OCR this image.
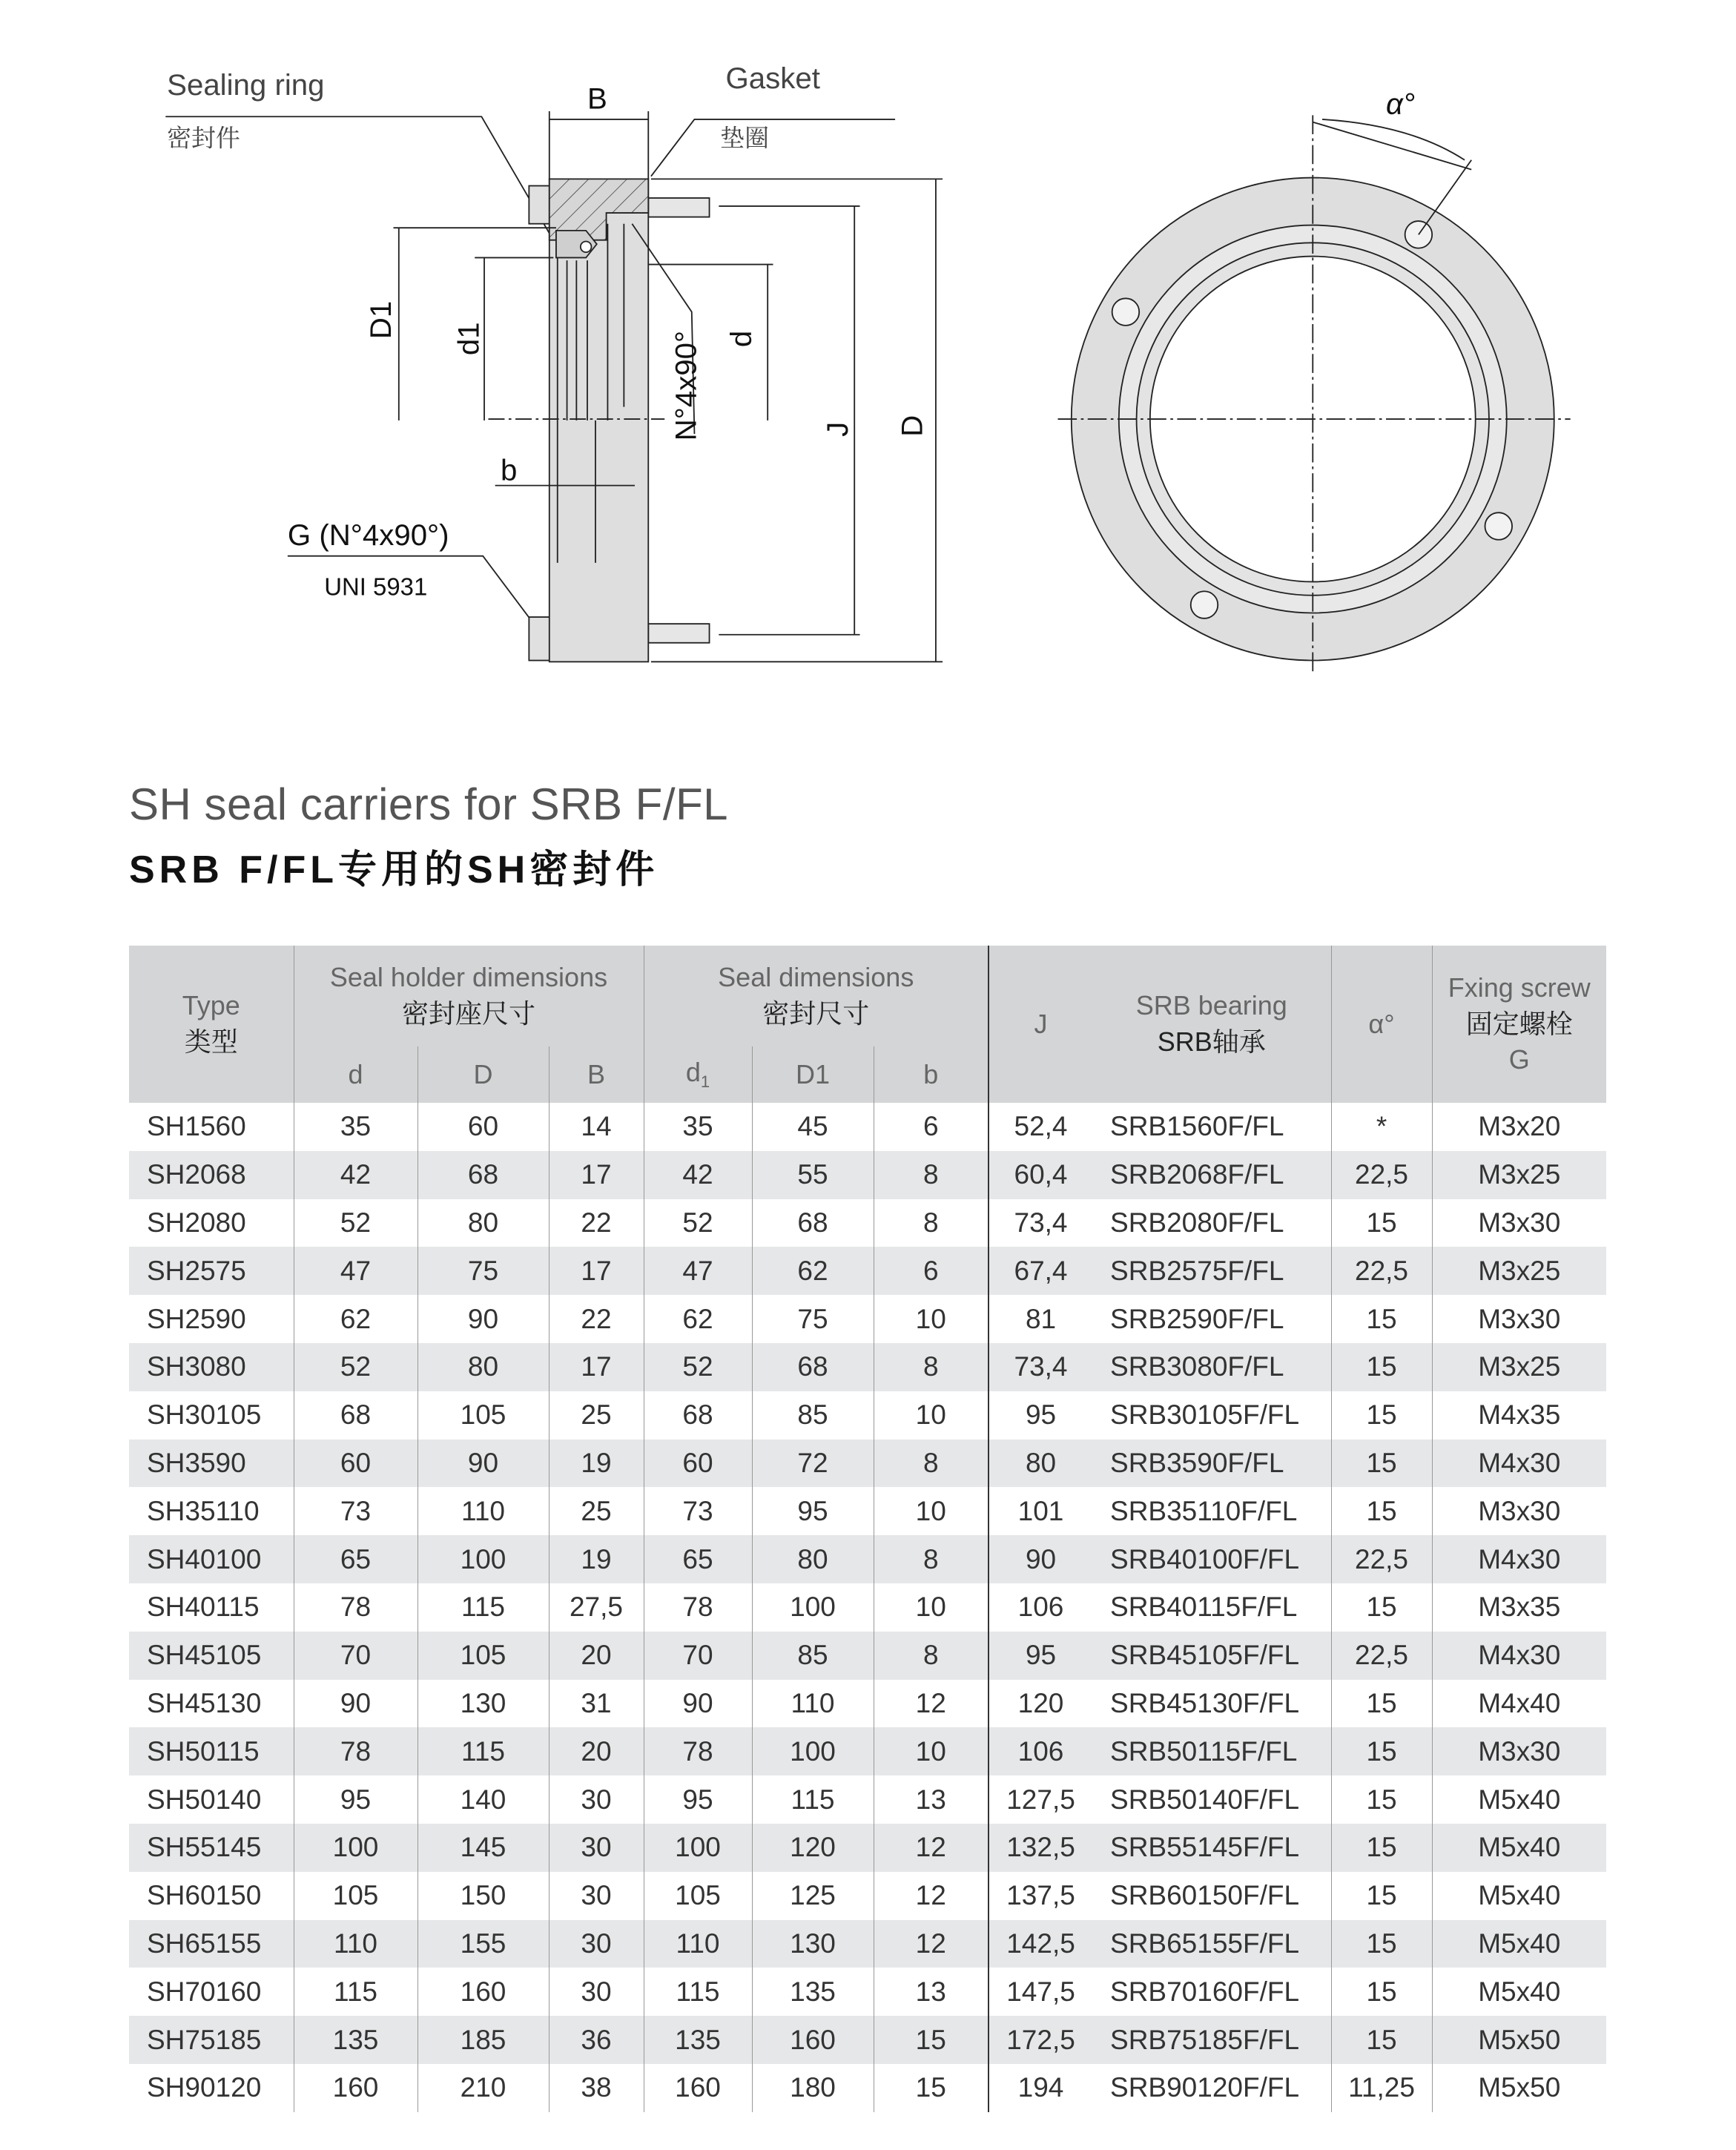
Sealing ring
密封件
Gasket
垫圈
B
D1	d1	N°4x90° d
J	D
b
G (N°4x90°)
UNI 5931
α°
SH seal carriers for SRB F/FL
SRB F/FL专用的SH密封件
Type
类型	Seal holder dimensions
密封座尺寸			Seal dimensions
密封尺寸			J	SRB bearing
SRB轴承	α°	Fxing screw
固定螺栓
G

	d	D	B	$d_1$	D1	b				
SH1560	35	60	14	35	45	6	52,4	SRB1560F/FL	*	M3x20
SH2068	42	68	17	42	55	8	60,4	SRB2068F/FL	22,5	M3x25
SH2080	52	80	22	52	68	8	73,4	SRB2080F/FL	15	M3x30
SH2575	47	75	17	47	62	6	67,4	SRB2575F/FL	22,5	M3x25
SH2590	62	90	22	62	75	10	81	SRB2590F/FL	15	M3x30
SH3080	52	80	17	52	68	8	73,4	SRB3080F/FL	15	M3x25
SH30105	68	105	25	68	85	10	95	SRB30105F/FL	15	M4x35
SH3590	60	90	19	60	72	8	80	SRB3590F/FL	15	M4x30
SH35110	73	110	25	73	95	10	101	SRB35110F/FL	15	M3x30
SH40100	65	100	19	65	80	8	90	SRB40100F/FL	22,5	M4x30
SH40115	78	115	27,5	78	100	10	106	SRB40115F/FL	15	M3x35
SH45105	70	105	20	70	85	8	95	SRB45105F/FL	22,5	M4x30
SH45130	90	130	31	90	110	12	120	SRB45130F/FL	15	M4x40
SH50115	78	115	20	78	100	10	106	SRB50115F/FL	15	M3x30
SH50140	95	140	30	95	115	13	127,5	SRB50140F/FL	15	M5x40
SH55145	100	145	30	100	120	12	132,5	SRB55145F/FL	15	M5x40
SH60150	105	150	30	105	125	12	137,5	SRB60150F/FL	15	M5x40
SH65155	110	155	30	110	130	12	142,5	SRB65155F/FL	15	M5x40
SH70160	115	160	30	115	135	13	147,5	SRB70160F/FL	15	M5x40
SH75185	135	185	36	135	160	15	172,5	SRB75185F/FL	15	M5x50
SH90120	160	210	38	160	180	15	194	SRB90120F/FL	11,25	M5x50
